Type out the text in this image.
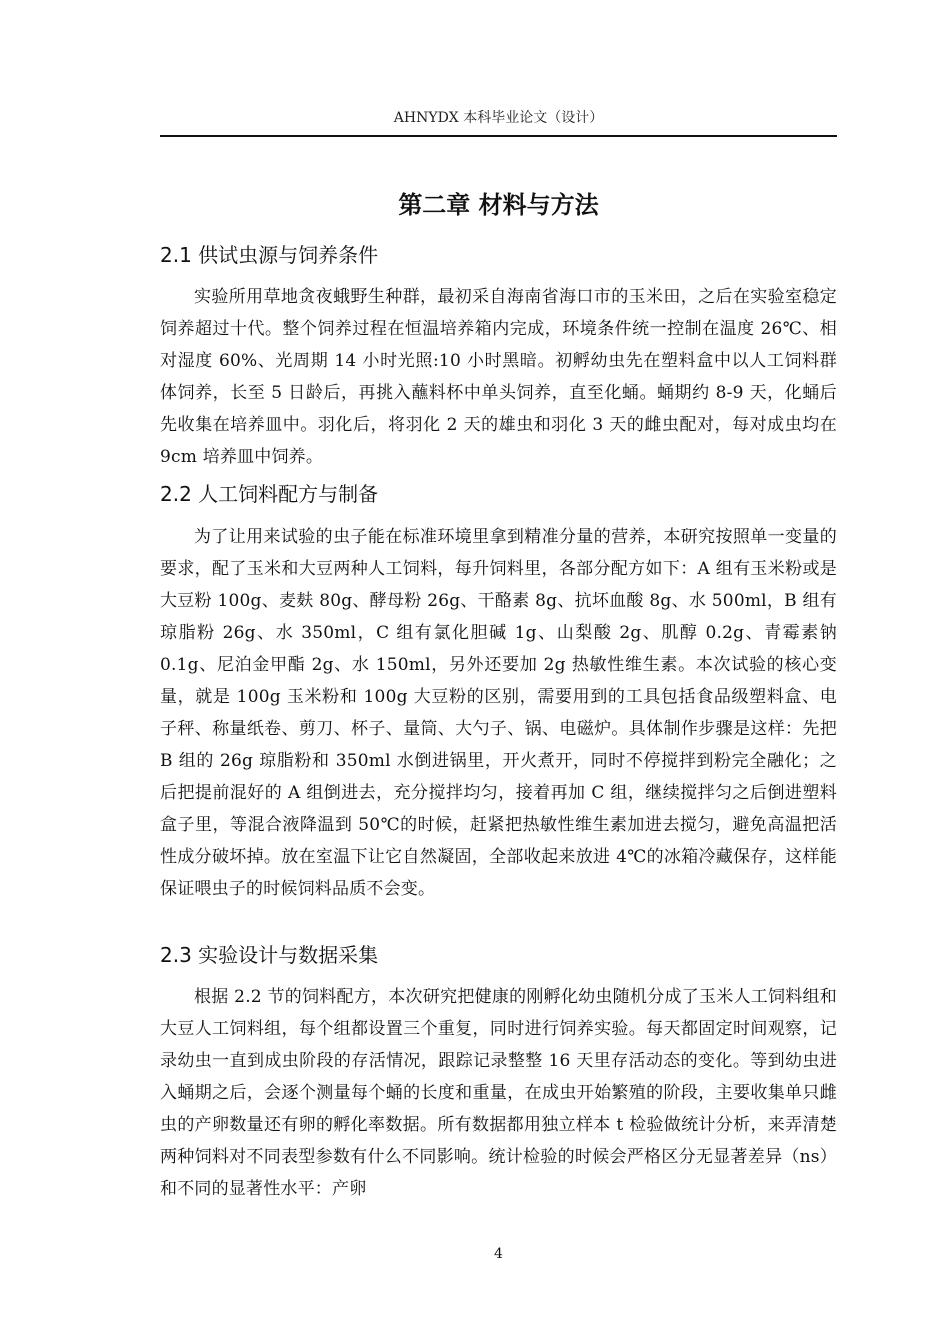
AHNYDX 本科毕业论文（设计）
第二章 材料与方法
2.1 供试虫源与饲养条件

实验所用草地贪夜蛾野生种群，最初采自海南省海口市的玉米田，之后在实验室稳定饲养超过十代。整个饲养过程在恒温培养箱内完成，环境条件统一控制在温度 26℃、相对湿度 60%、光周期 14 小时光照:10 小时黑暗。初孵幼虫先在塑料盒中以人工饲料群体饲养，长至 5 日龄后，再挑入蘸料杯中单头饲养，直至化蛹。蛹期约 8-9 天，化蛹后先收集在培养皿中。羽化后，将羽化 2 天的雄虫和羽化 3 天的雌虫配对，每对成虫均在 9cm 培养皿中饲养。

2.2 人工饲料配方与制备

为了让用来试验的虫子能在标准环境里拿到精准分量的营养，本研究按照单一变量的要求，配了玉米和大豆两种人工饲料，每升饲料里，各部分配方如下：A 组有玉米粉或是大豆粉 100g、麦麸 80g、酵母粉 26g、干酪素 8g、抗坏血酸 8g、水 500ml，B 组有琼脂粉 26g、水 350ml，C 组有氯化胆碱 1g、山梨酸 2g、肌醇 0.2g、青霉素钠 0.1g、尼泊金甲酯 2g、水 150ml，另外还要加 2g 热敏性维生素。本次试验的核心变量，就是 100g 玉米粉和 100g 大豆粉的区别，需要用到的工具包括食品级塑料盒、电子秤、称量纸卷、剪刀、杯子、量筒、大勺子、锅、电磁炉。具体制作步骤是这样：先把 B 组的 26g 琼脂粉和 350ml 水倒进锅里，开火煮开，同时不停搅拌到粉完全融化；之后把提前混好的 A 组倒进去，充分搅拌均匀，接着再加 C 组，继续搅拌匀之后倒进塑料盒子里，等混合液降温到 50℃的时候，赶紧把热敏性维生素加进去搅匀，避免高温把活性成分破坏掉。放在室温下让它自然凝固，全部收起来放进 4℃的冰箱冷藏保存，这样能保证喂虫子的时候饲料品质不会变。

2.3 实验设计与数据采集

根据 2.2 节的饲料配方，本次研究把健康的刚孵化幼虫随机分成了玉米人工饲料组和大豆人工饲料组，每个组都设置三个重复，同时进行饲养实验。每天都固定时间观察，记录幼虫一直到成虫阶段的存活情况，跟踪记录整整 16 天里存活动态的变化。等到幼虫进入蛹期之后，会逐个测量每个蛹的长度和重量，在成虫开始繁殖的阶段，主要收集单只雌虫的产卵数量还有卵的孵化率数据。所有数据都用独立样本 t 检验做统计分析，来弄清楚两种饲料对不同表型参数有什么不同影响。统计检验的时候会严格区分无显著差异（ns）和不同的显著性水平：产卵

4
